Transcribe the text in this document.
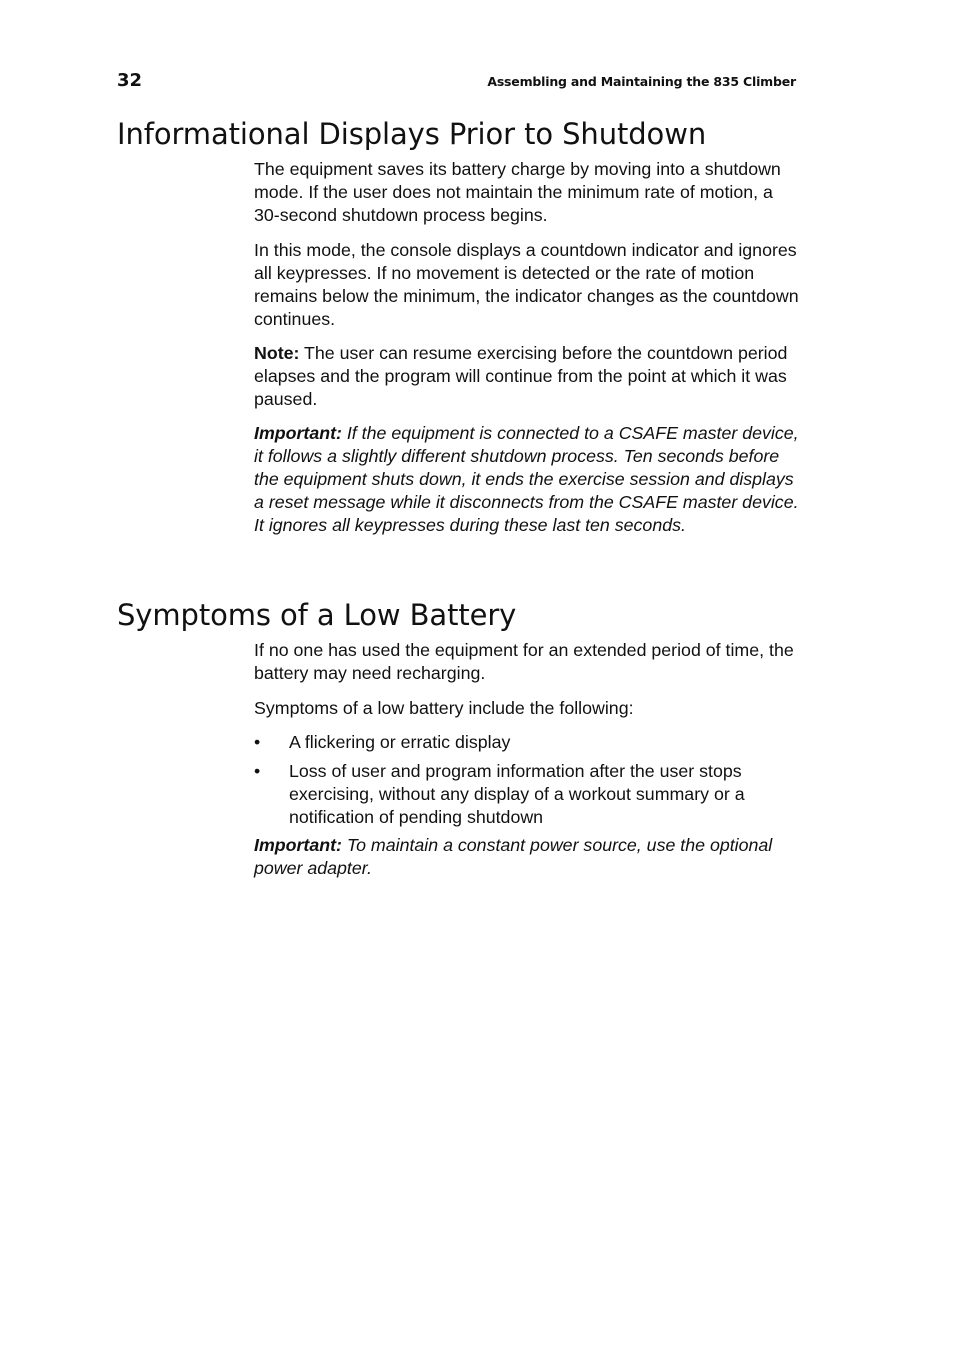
32	Assembling and Maintaining the 835 Climber
Informational Displays Prior to Shutdown

The equipment saves its battery charge by moving into a shutdown mode. If the user does not maintain the minimum rate of motion, a 30-second shutdown process begins.

In this mode, the console displays a countdown indicator and ignores all keypresses. If no movement is detected or the rate of motion remains below the minimum, the indicator changes as the countdown continues.

Note: The user can resume exercising before the countdown period elapses and the program will continue from the point at which it was paused.

Important: If the equipment is connected to a CSAFE master device, it follows a slightly different shutdown process. Ten seconds before the equipment shuts down, it ends the exercise session and displays a reset message while it disconnects from the CSAFE master device. It ignores all keypresses during these last ten seconds.

Symptoms of a Low Battery

If no one has used the equipment for an extended period of time, the battery may need recharging.

Symptoms of a low battery include the following:

•	A flickering or erratic display
•	Loss of user and program information after the user stops exercising, without any display of a workout summary or a notification of pending shutdown

Important: To maintain a constant power source, use the optional power adapter.
